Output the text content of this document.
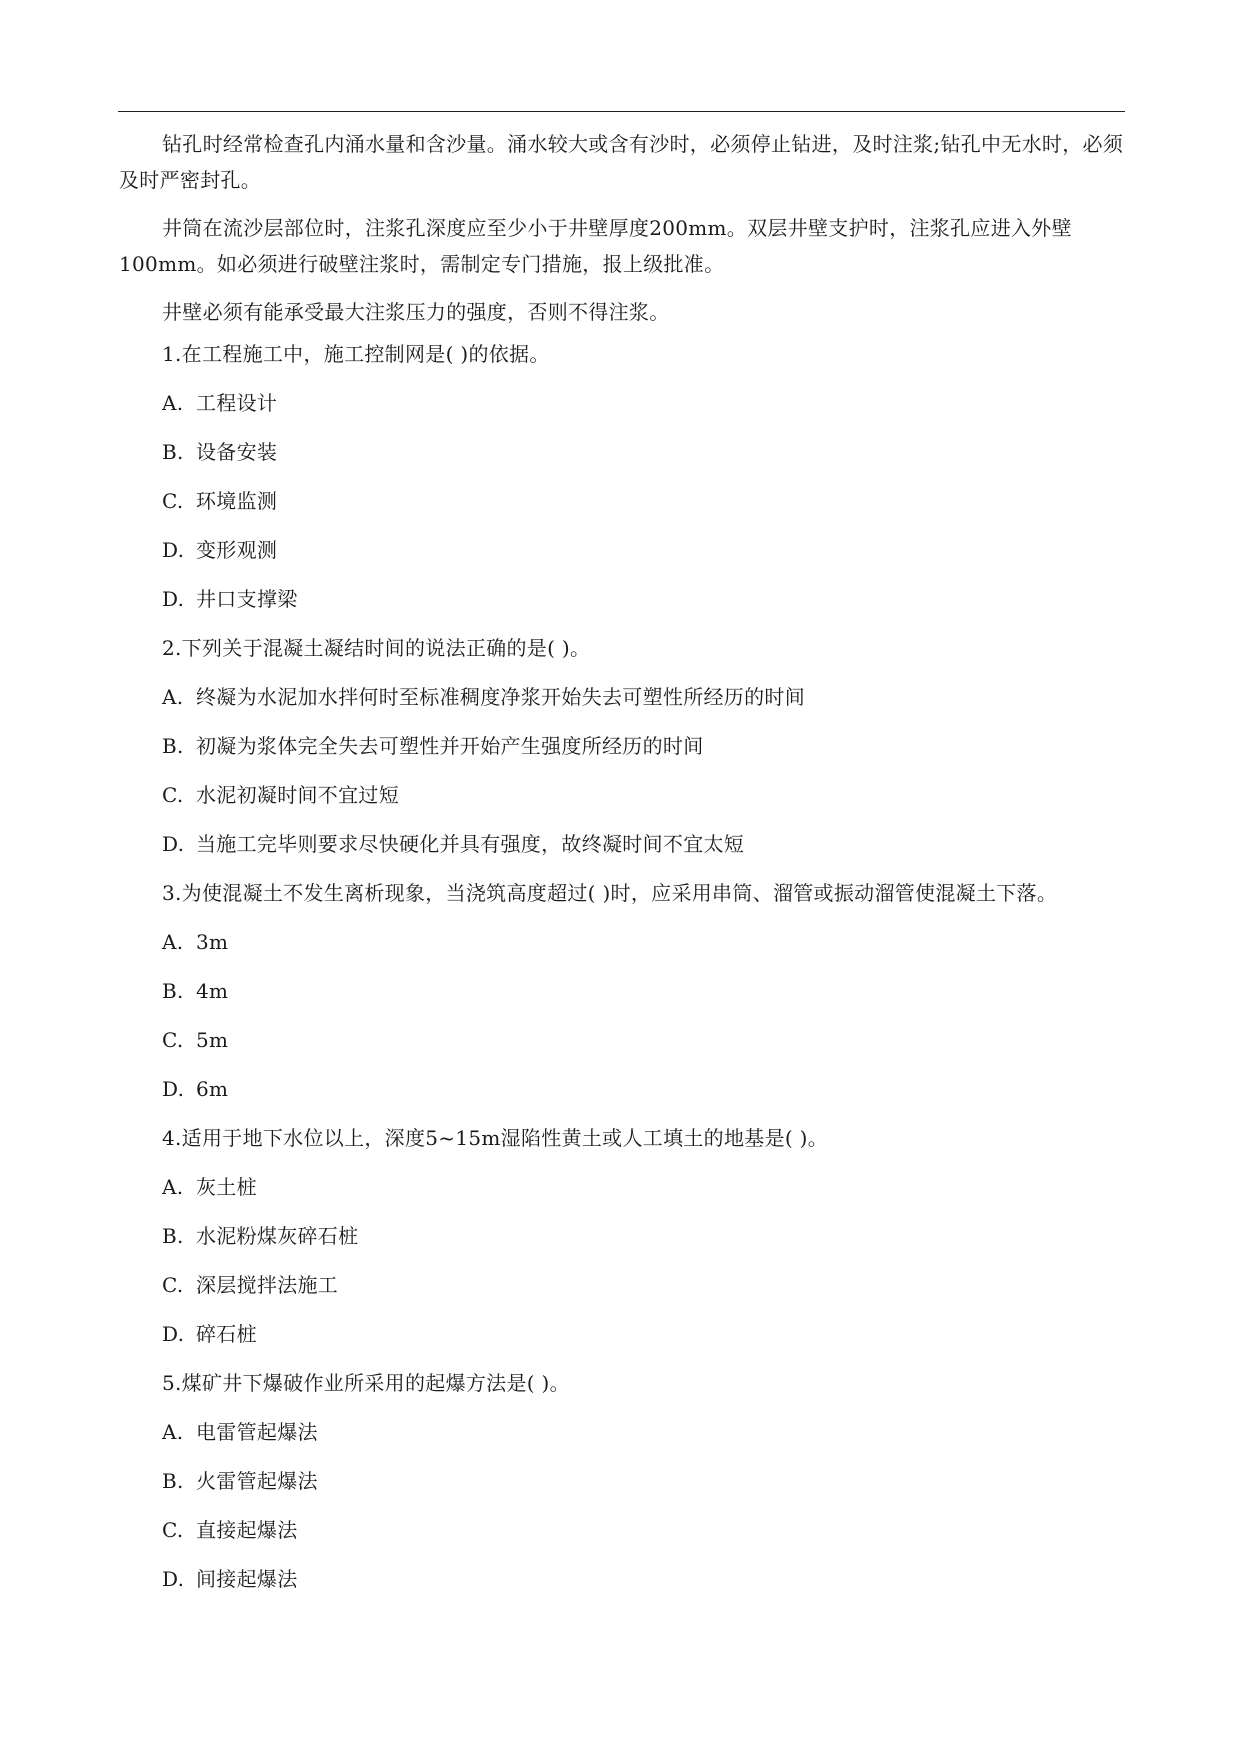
钻孔时经常检查孔内涌水量和含沙量。涌水较大或含有沙时，必须停止钻进，及时注浆;钻孔中无水时，必须及时严密封孔。

井筒在流沙层部位时，注浆孔深度应至少小于井壁厚度200mm。双层井壁支护时，注浆孔应进入外壁100mm。如必须进行破壁注浆时，需制定专门措施，报上级批准。

井壁必须有能承受最大注浆压力的强度，否则不得注浆。

1.在工程施工中，施工控制网是( )的依据。

A. 工程设计

B. 设备安装

C. 环境监测

D. 变形观测

D. 井口支撑梁

2.下列关于混凝土凝结时间的说法正确的是( )。

A. 终凝为水泥加水拌何时至标准稠度净浆开始失去可塑性所经历的时间

B. 初凝为浆体完全失去可塑性并开始产生强度所经历的时间

C. 水泥初凝时间不宜过短

D. 当施工完毕则要求尽快硬化并具有强度，故终凝时间不宜太短

3.为使混凝土不发生离析现象，当浇筑高度超过( )时，应采用串筒、溜管或振动溜管使混凝土下落。

A. 3m

B. 4m

C. 5m

D. 6m

4.适用于地下水位以上，深度5~15m湿陷性黄土或人工填土的地基是( )。

A. 灰土桩

B. 水泥粉煤灰碎石桩

C. 深层搅拌法施工

D. 碎石桩

5.煤矿井下爆破作业所采用的起爆方法是( )。

A. 电雷管起爆法

B. 火雷管起爆法

C. 直接起爆法

D. 间接起爆法
